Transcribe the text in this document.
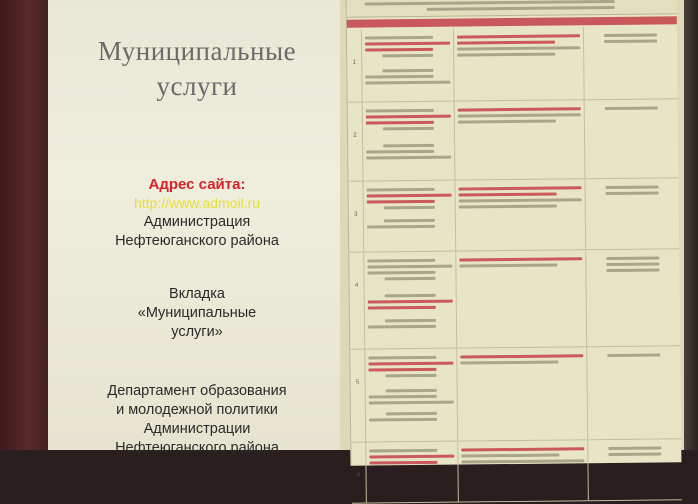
Муниципальные
услуги
Адрес сайта:
http://www.admoil.ru
Администрация
Нефтеюганского района
Вкладка
«Муниципальные
услуги»
Департамент образования
и молодежной политики
Администрации
Нефтеюганского района
1
2
3
4
5
6
